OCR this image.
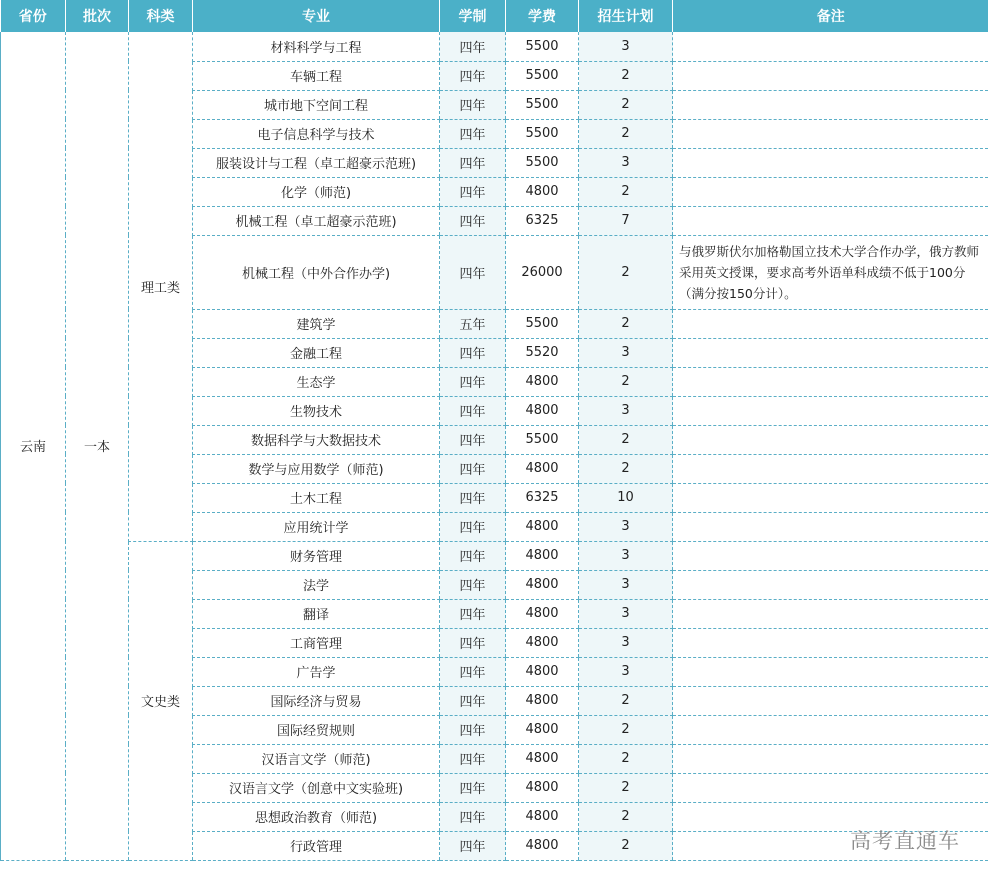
省份	批次	科类	专业	学制	学费	招生计划	备注
云南	一本	理工类	材料科学与工程	四年	5500	3	
			车辆工程	四年	5500	2	
			城市地下空间工程	四年	5500	2	
			电子信息科学与技术	四年	5500	2	
			服装设计与工程（卓工超豪示范班)	四年	5500	3	
			化学（师范)	四年	4800	2	
			机械工程（卓工超豪示范班)	四年	6325	7	
			机械工程（中外合作办学)	四年	26000	2	与俄罗斯伏尔加格勒国立技术大学合作办学，俄方教师采用英文授课，要求高考外语单科成绩不低于100分（满分按150分计）。
			建筑学	五年	5500	2	
			金融工程	四年	5520	3	
			生态学	四年	4800	2	
			生物技术	四年	4800	3	
			数据科学与大数据技术	四年	5500	2	
			数学与应用数学（师范)	四年	4800	2	
			土木工程	四年	6325	10	
			应用统计学	四年	4800	3	
		文史类	财务管理	四年	4800	3	
			法学	四年	4800	3	
			翻译	四年	4800	3	
			工商管理	四年	4800	3	
			广告学	四年	4800	3	
			国际经济与贸易	四年	4800	2	
			国际经贸规则	四年	4800	2	
			汉语言文学（师范)	四年	4800	2	
			汉语言文学（创意中文实验班)	四年	4800	2	
			思想政治教育（师范)	四年	4800	2	
			行政管理	四年	4800	2		高考直通车
